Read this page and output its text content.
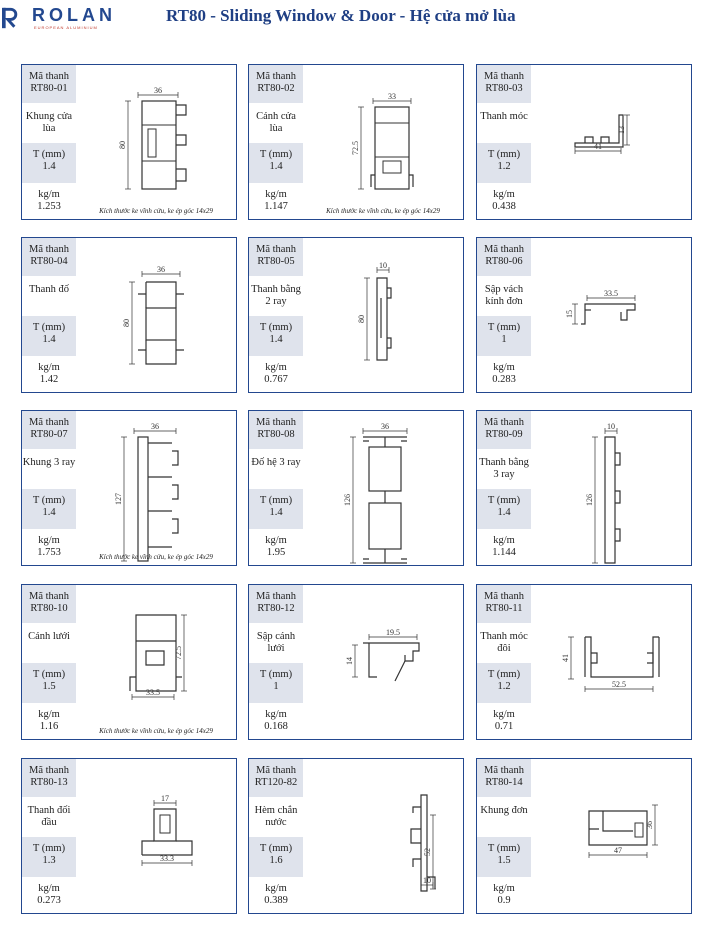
ROLAN
EUROPEAN ALUMINIUM
RT80 - Sliding Window & Door - Hệ cửa mở lùa
Mã thanh
RT80-01
Khung cửa lùa
T (mm)
1.4
kg/m
1.253
36
80
Kích thước ke vĩnh cửu, ke ép góc 14x29
Mã thanh
RT80-02
Cánh cửa lùa
T (mm)
1.4
kg/m
1.147
33
72.5
Kích thước ke vĩnh cửu, ke ép góc 14x29
Mã thanh
RT80-03
Thanh móc
T (mm)
1.2
kg/m
0.438
41
13
Mã thanh
RT80-04
Thanh đố
T (mm)
1.4
kg/m
1.42
36
80
Mã thanh
RT80-05
Thanh bằng 2 ray
T (mm)
1.4
kg/m
0.767
10
80
Mã thanh
RT80-06
Sập vách kính đơn
T (mm)
1
kg/m
0.283
33.5
15
Mã thanh
RT80-07
Khung 3 ray
T (mm)
1.4
kg/m
1.753
36
127
Kích thước ke vĩnh cửu, ke ép góc 14x29
Mã thanh
RT80-08
Đố hệ 3 ray
T (mm)
1.4
kg/m
1.95
36
126
Mã thanh
RT80-09
Thanh bằng 3 ray
T (mm)
1.4
kg/m
1.144
10
126
Mã thanh
RT80-10
Cánh lưới
T (mm)
1.5
kg/m
1.16
33.5
72.5
Kích thước ke vĩnh cửu, ke ép góc 14x29
Mã thanh
RT80-12
Sập cánh lưới
T (mm)
1
kg/m
0.168
19.5
14
Mã thanh
RT80-11
Thanh móc đôi
T (mm)
1.2
kg/m
0.71
52.5
41
Mã thanh
RT80-13
Thanh đối đầu
T (mm)
1.3
kg/m
0.273
17
33.3
Mã thanh
RT120-82
Hèm chắn nước
T (mm)
1.6
kg/m
0.389
52
10
Mã thanh
RT80-14
Khung đơn
T (mm)
1.5
kg/m
0.9
47
36
